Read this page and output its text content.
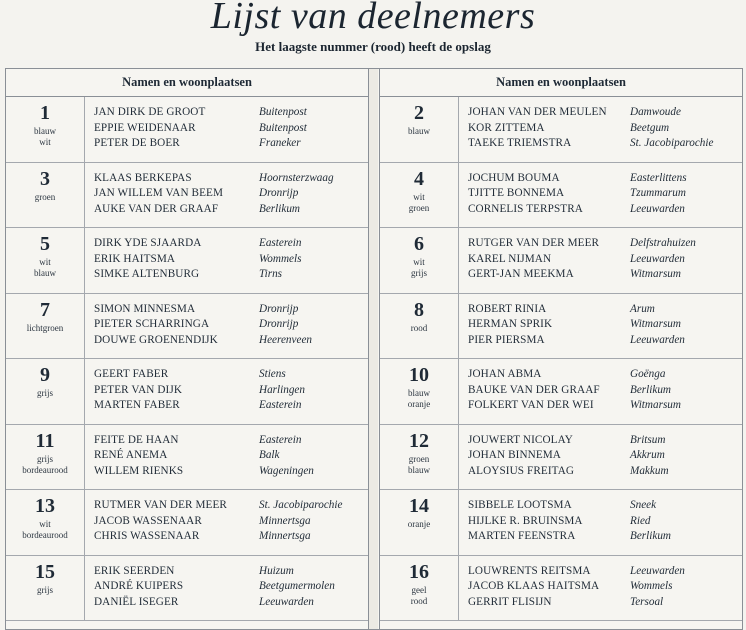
Lijst van deelnemers
Het laagste nummer (rood) heeft de opslag
Namen en woonplaatsen
1
blauw
wit
JAN DIRK DE GROOT	Buitenpost
EPPIE WEIDENAAR	Buitenpost
PETER DE BOER	Franeker
3
groen
KLAAS BERKEPAS	Hoornsterzwaag
JAN WILLEM VAN BEEM	Dronrijp
AUKE VAN DER GRAAF	Berlikum
5
wit
blauw
DIRK YDE SJAARDA	Easterein
ERIK HAITSMA	Wommels
SIMKE ALTENBURG	Tirns
7
lichtgroen
SIMON MINNESMA	Dronrijp
PIETER SCHARRINGA	Dronrijp
DOUWE GROENENDIJK	Heerenveen
9
grijs
GEERT FABER	Stiens
PETER VAN DIJK	Harlingen
MARTEN FABER	Easterein
11
grijs
bordeaurood
FEITE DE HAAN	Easterein
RENÉ ANEMA	Balk
WILLEM RIENKS	Wageningen
13
wit
bordeaurood
RUTMER VAN DER MEER	St. Jacobiparochie
JACOB WASSENAAR	Minnertsga
CHRIS WASSENAAR	Minnertsga
15
grijs
ERIK SEERDEN	Huizum
ANDRÉ KUIPERS	Beetgumermolen
DANIËL ISEGER	Leeuwarden
Namen en woonplaatsen
2
blauw
JOHAN VAN DER MEULEN Damwoude
KOR ZITTEMA	Beetgum
TAEKE TRIEMSTRA	St. Jacobiparochie
4
wit
groen
JOCHUM BOUMA	Easterlittens
TJITTE BONNEMA	Tzummarum
CORNELIS TERPSTRA	Leeuwarden
6
wit
grijs
RUTGER VAN DER MEER	Delfstrahuizen
KAREL NIJMAN	Leeuwarden
GERT-JAN MEEKMA	Witmarsum
8
rood
ROBERT RINIA	Arum
HERMAN SPRIK	Witmarsum
PIER PIERSMA	Leeuwarden
10
blauw
oranje
JOHAN ABMA	Goënga
BAUKE VAN DER GRAAF	Berlikum
FOLKERT VAN DER WEI	Witmarsum
12
groen
blauw
JOUWERT NICOLAY	Britsum
JOHAN BINNEMA	Akkrum
ALOYSIUS FREITAG	Makkum
14
oranje
SIBBELE LOOTSMA	Sneek
HIJLKE R. BRUINSMA	Ried
MARTEN FEENSTRA	Berlikum
16
geel
rood
LOUWRENTS REITSMA	Leeuwarden
JACOB KLAAS HAITSMA	Wommels
GERRIT FLISIJN	Tersoal
